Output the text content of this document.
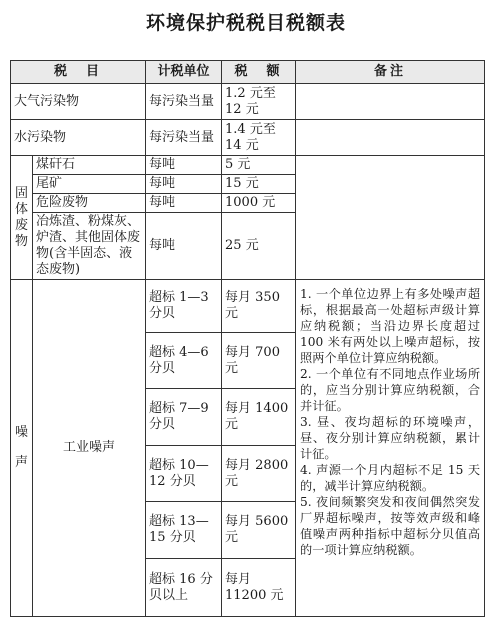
环境保护税税目税额表
税　目		计税单位	税　额	备注
大气污染物		每污染当量	1.2 元至 12 元	
水污染物		每污染当量	1.4 元至 14 元	
固体废物	煤矸石	每吨	5 元	
	尾矿	每吨	15 元	
	危险废物	每吨	1000 元	
	冶炼渣、粉煤灰、炉渣、其他固体废物(含半固态、液态废物)	每吨	25 元	
噪声	工业噪声	超标 1—3 分贝	每月 350 元	1. 一个单位边界上有多处噪声超标，根据最高一处超标声级计算应纳税额；当沿边界长度超过 100 米有两处以上噪声超标，按照两个单位计算应纳税额。

2. 一个单位有不同地点作业场所的，应当分别计算应纳税额，合并计征。

3. 昼、夜均超标的环境噪声，昼、夜分别计算应纳税额，累计计征。

4. 声源一个月内超标不足 15 天的，减半计算应纳税额。

5. 夜间频繁突发和夜间偶然突发厂界超标噪声，按等效声级和峰值噪声两种指标中超标分贝值高的一项计算应纳税额。

		超标 4—6 分贝	每月 700 元	
		超标 7—9 分贝	每月 1400 元	
		超标 10—12 分贝	每月 2800 元	
		超标 13—15 分贝	每月 5600 元	
		超标 16 分贝以上	每月 11200 元	
